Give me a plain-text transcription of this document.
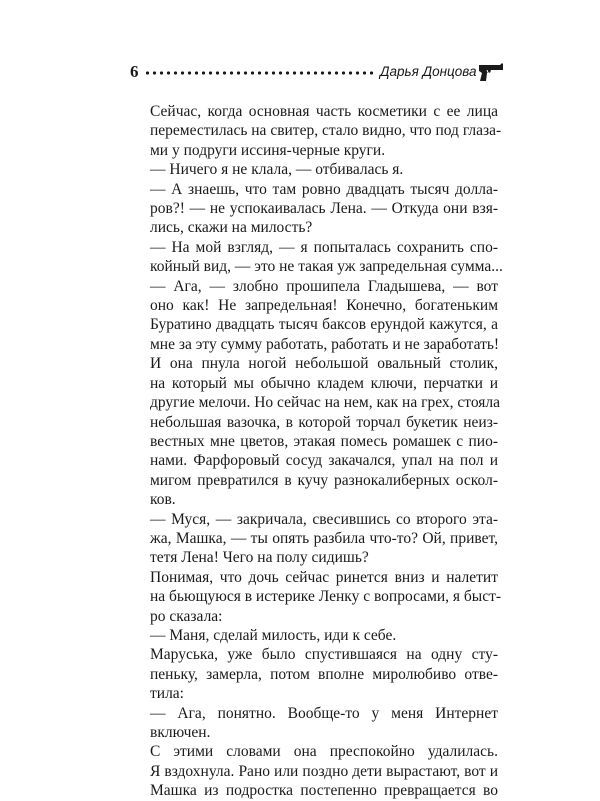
6	Дарья Донцова

Сейчас, когда основная часть косметики с ее лица
переместилась на свитер, стало видно, что под глаза-
ми у подруги иссиня-черные круги.

— Ничего я не клала, — отбивалась я.

— А знаешь, что там ровно двадцать тысяч долла-
ров?! — не успокаивалась Лена. — Откуда они взя-
лись, скажи на милость?

— На мой взгляд, — я попыталась сохранить спо-
койный вид, — это не такая уж запредельная сумма...

— Ага, — злобно прошипела Гладышева, — вот
оно как! Не запредельная! Конечно, богатеньким
Буратино двадцать тысяч баксов ерундой кажутся, а
мне за эту сумму работать, работать и не заработать!

И она пнула ногой небольшой овальный столик,
на который мы обычно кладем ключи, перчатки и
другие мелочи. Но сейчас на нем, как на грех, стояла
небольшая вазочка, в которой торчал букетик неиз-
вестных мне цветов, этакая помесь ромашек с пио-
нами. Фарфоровый сосуд закачался, упал на пол и
мигом превратился в кучу разнокалиберных оскол-
ков.

— Муся, — закричала, свесившись со второго эта-
жа, Машка, — ты опять разбила что-то? Ой, привет,
тетя Лена! Чего на полу сидишь?

Понимая, что дочь сейчас ринется вниз и налетит
на бьющуюся в истерике Ленку с вопросами, я быст-
ро сказала:

— Маня, сделай милость, иди к себе.

Маруська, уже было спустившаяся на одну сту-
пеньку, замерла, потом вполне миролюбиво отве-
тила:

— Ага, понятно. Вообще-то у меня Интернет
включен.

С этими словами она преспокойно удалилась.
Я вздохнула. Рано или поздно дети вырастают, вот и
Машка из подростка постепенно превращается во
